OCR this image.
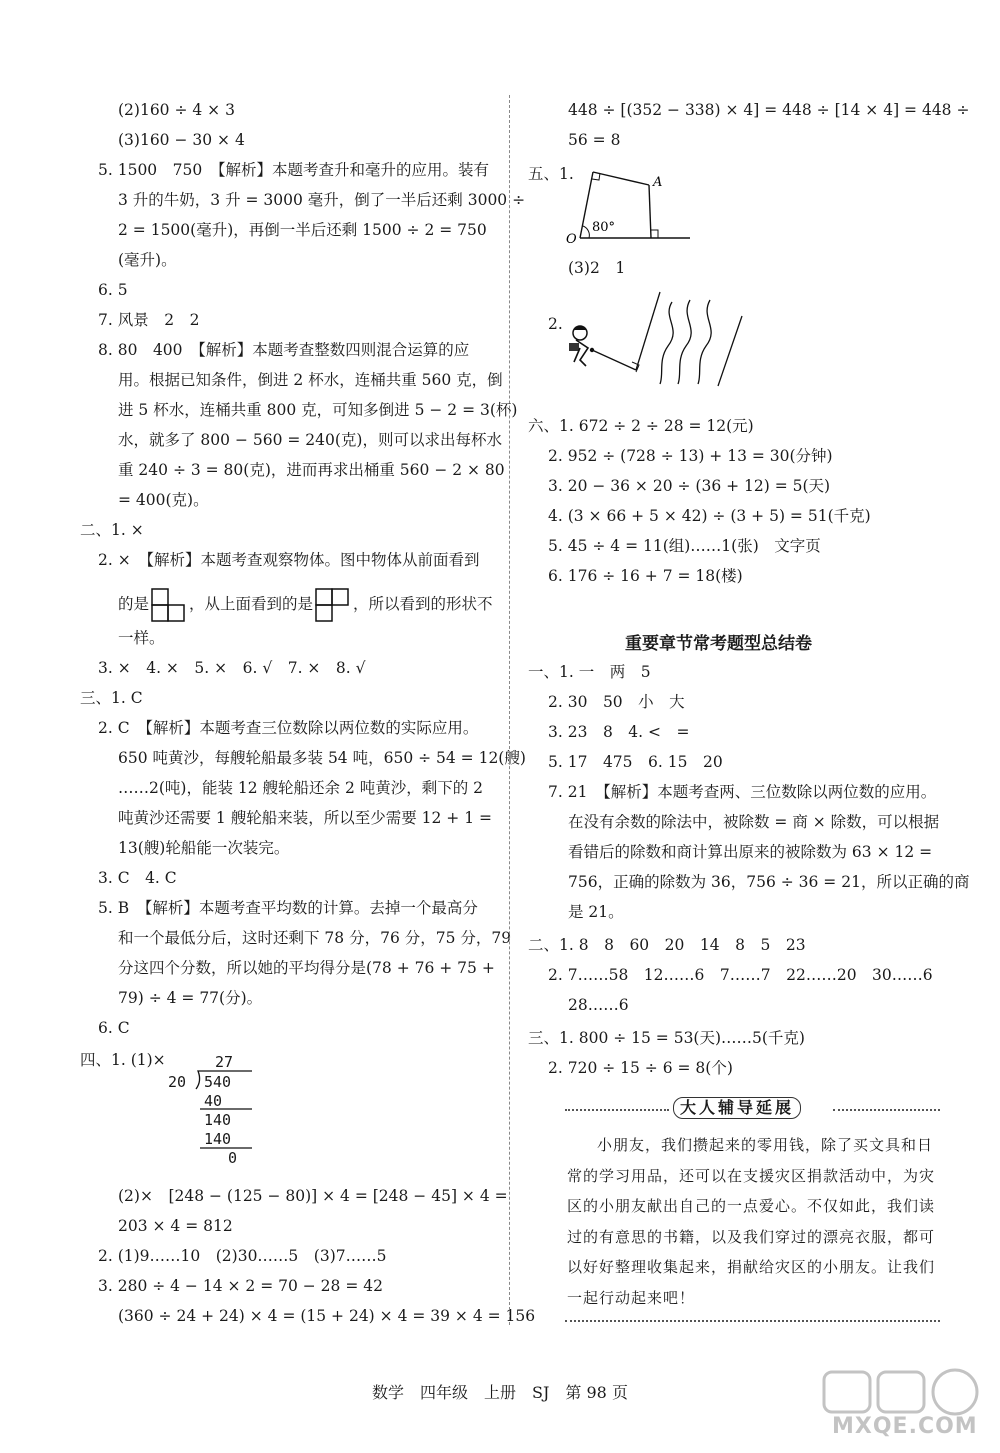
(2)160 ÷ 4 × 3
(3)160 − 30 × 4
5. 1500　750　【解析】本题考查升和毫升的应用。装有
3 升的牛奶，3 升 = 3000 毫升，倒了一半后还剩 3000 ÷
2 = 1500(毫升)，再倒一半后还剩 1500 ÷ 2 = 750
(毫升)。
6. 5
7. 风景　2　2
8. 80　400　【解析】本题考查整数四则混合运算的应
用。根据已知条件，倒进 2 杯水，连桶共重 560 克，倒
进 5 杯水，连桶共重 800 克，可知多倒进 5 − 2 = 3(杯)
水，就多了 800 − 560 = 240(克)，则可以求出每杯水
重 240 ÷ 3 = 80(克)，进而再求出桶重 560 − 2 × 80
= 400(克)。
二、1. ×
2. ×　【解析】本题考查观察物体。图中物体从前面看到
的是	，从上面看到的是	，所以看到的形状不
一样。
3. ×　4. ×　5. ×　6. √　7. ×　8. √
三、1. C
2. C　【解析】本题考查三位数除以两位数的实际应用。
650 吨黄沙，每艘轮船最多装 54 吨，650 ÷ 54 = 12(艘)
……2(吨)，能装 12 艘轮船还余 2 吨黄沙，剩下的 2
吨黄沙还需要 1 艘轮船来装，所以至少需要 12 + 1 =
13(艘)轮船能一次装完。
3. C　4. C
5. B　【解析】本题考查平均数的计算。去掉一个最高分
和一个最低分后，这时还剩下 78 分，76 分，75 分，79
分这四个分数，所以她的平均得分是(78 + 76 + 75 +
79) ÷ 4 = 77(分)。
6. C
四、1. (1)×	27
20 540
40
140
140
0
(2)×　[248 − (125 − 80)] × 4 = [248 − 45] × 4 =
203 × 4 = 812
2. (1)9……10　(2)30……5　(3)7……5
3. 280 ÷ 4 − 14 × 2 = 70 − 28 = 42
(360 ÷ 24 + 24) × 4 = (15 + 24) × 4 = 39 × 4 = 156
448 ÷ [(352 − 338) × 4] = 448 ÷ [14 × 4] = 448 ÷
56 = 8
五、1.	A
O
80°
(3)2　1
2.
六、1. 672 ÷ 2 ÷ 28 = 12(元)
2. 952 ÷ (728 ÷ 13) + 13 = 30(分钟)
3. 20 − 36 × 20 ÷ (36 + 12) = 5(天)
4. (3 × 66 + 5 × 42) ÷ (3 + 5) = 51(千克)
5. 45 ÷ 4 = 11(组)……1(张)　文字页
6. 176 ÷ 16 + 7 = 18(楼)
重要章节常考题型总结卷
一、1. 一　两　5
2. 30　50　小　大
3. 23　8　4. <　=
5. 17　475　6. 15　20
7. 21　【解析】本题考查两、三位数除以两位数的应用。
在没有余数的除法中，被除数 = 商 × 除数，可以根据
看错后的除数和商计算出原来的被除数为 63 × 12 =
756，正确的除数为 36，756 ÷ 36 = 21，所以正确的商
是 21。
二、1. 8　8　60　20　14　8　5　23
2. 7……58　12……6　7……7　22……20　30……6
28……6
三、1. 800 ÷ 15 = 53(天)……5(千克)
2. 720 ÷ 15 ÷ 6 = 8(个)
大人辅导延展
小朋友，我们攒起来的零用钱，除了买文具和日常的学习用品，还可以在支援灾区捐款活动中，为灾区的小朋友献出自己的一点爱心。不仅如此，我们读过的有意思的书籍，以及我们穿过的漂亮衣服，都可以好好整理收集起来，捐献给灾区的小朋友。让我们一起行动起来吧！
数学　四年级　上册　SJ　第 98 页
MXQE.COM
